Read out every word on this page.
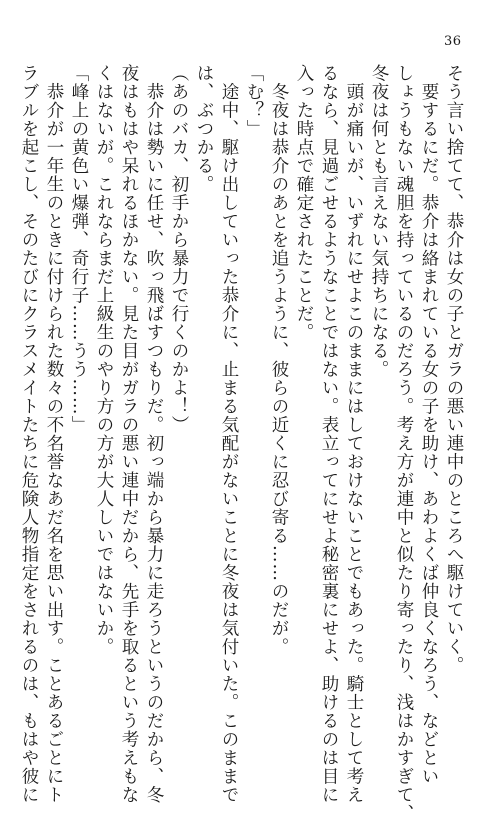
36
そう言い捨てて、恭介は女の子とガラの悪い連中のところへ駆けていく。
　要するにだ。恭介は絡まれている女の子を助け、あわよくば仲良くなろう、などとい
しょうもない魂胆を持っているのだろう。考え方が連中と似たり寄ったり、浅はかすぎて、
冬夜は何とも言えない気持ちになる。
　頭が痛いが、いずれにせよこのままにはしておけないことでもあった。騎士として考え
るなら、見過ごせるようなことではない。表立ってにせよ秘密裏にせよ、助けるのは目に
入った時点で確定されたことだ。
　冬夜は恭介のあとを追うように、彼らの近くに忍び寄る……のだが。
「む？」
　途中、駆け出していった恭介に、止まる気配がないことに冬夜は気付いた。このままで
は、ぶつかる。
（あのバカ、初手から暴力で行くのかよ！）
　恭介は勢いに任せ、吹っ飛ばすつもりだ。初っ端から暴力に走ろうというのだから、冬
夜はもはや呆れるほかない。見た目がガラの悪い連中だから、先手を取るという考えもな
くはないが。これならまだ上級生のやり方の方が大人しいではないか。
「峰上の黄色い爆弾、奇行子……うう……」
　恭介が一年生のときに付けられた数々の不名誉なあだ名を思い出す。ことあるごとにト
ラブルを起こし、そのたびにクラスメイトたちに危険人物指定をされるのは、もはや彼に
